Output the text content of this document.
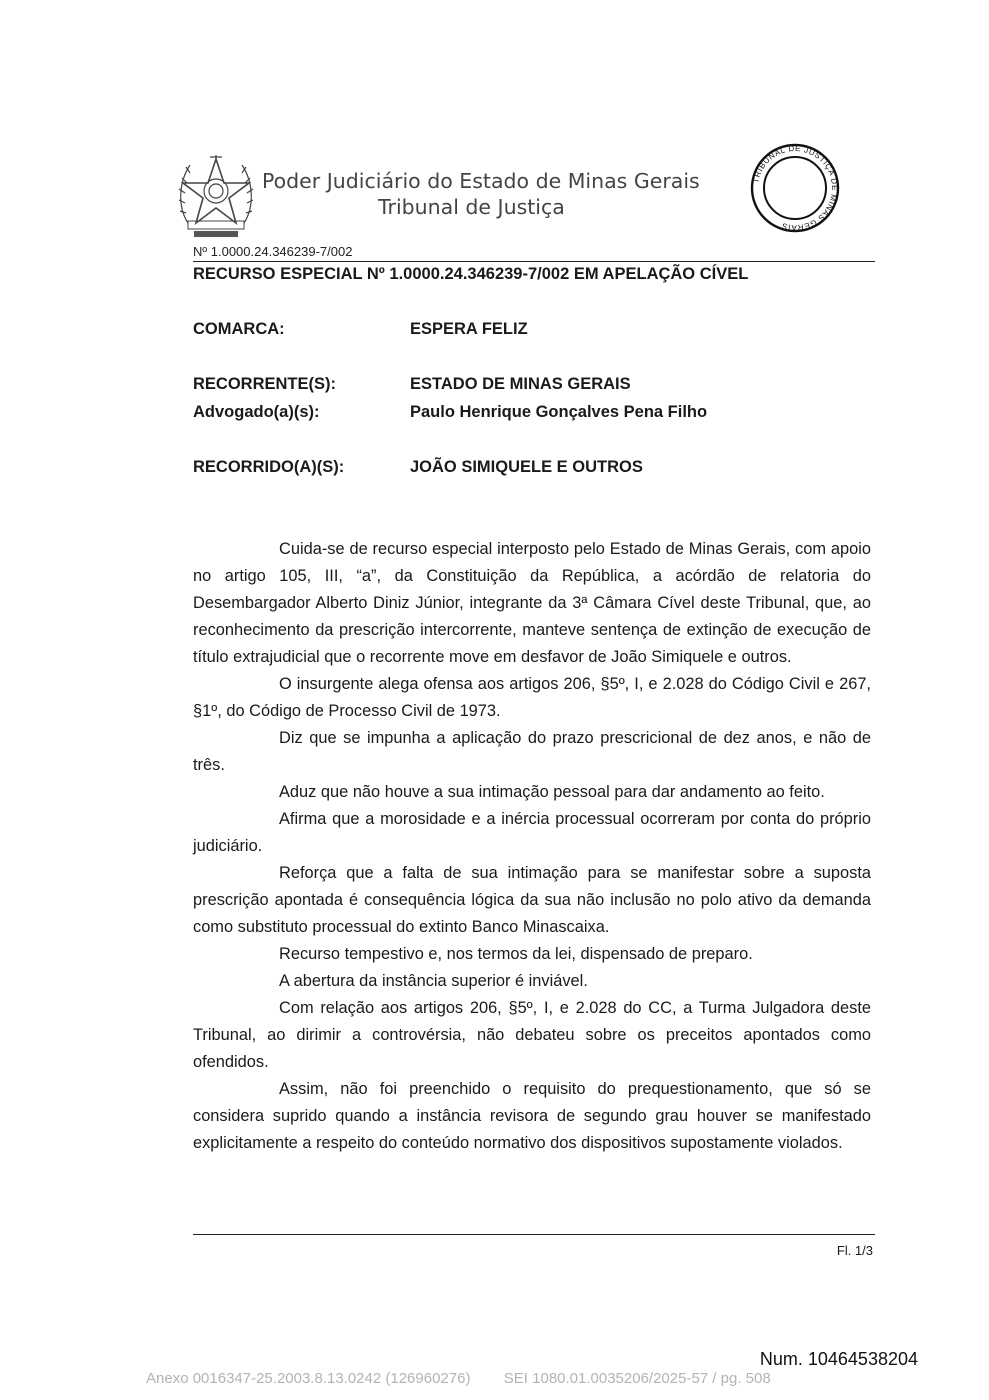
Poder Judiciário do Estado de Minas Gerais
Tribunal de Justiça
TRIBUNAL DE JUSTIÇA DE MINAS GERAIS
Nº 1.0000.24.346239-7/002
RECURSO ESPECIAL Nº 1.0000.24.346239-7/002 EM APELAÇÃO CÍVEL
COMARCA:	ESPERA FELIZ
RECORRENTE(S):	ESTADO DE MINAS GERAIS
Advogado(a)(s):	Paulo Henrique Gonçalves Pena Filho
RECORRIDO(A)(S):	JOÃO SIMIQUELE E OUTROS

Cuida-se de recurso especial interposto pelo Estado de Minas Gerais, com apoio no artigo 105, III, “a”, da Constituição da República, a acórdão de relatoria do Desembargador Alberto Diniz Júnior, integrante da 3ª Câmara Cível deste Tribunal, que, ao reconhecimento da prescrição intercorrente, manteve sentença de extinção de execução de título extrajudicial que o recorrente move em desfavor de João Simiquele e outros.

O insurgente alega ofensa aos artigos 206, §5º, I, e 2.028 do Código Civil e 267, §1º, do Código de Processo Civil de 1973.

Diz que se impunha a aplicação do prazo prescricional de dez anos, e não de três.

Aduz que não houve a sua intimação pessoal para dar andamento ao feito.

Afirma que a morosidade e a inércia processual ocorreram por conta do próprio judiciário.

Reforça que a falta de sua intimação para se manifestar sobre a suposta prescrição apontada é consequência lógica da sua não inclusão no polo ativo da demanda como substituto processual do extinto Banco Minascaixa.

Recurso tempestivo e, nos termos da lei, dispensado de preparo.

A abertura da instância superior é inviável.

Com relação aos artigos 206, §5º, I, e 2.028 do CC, a Turma Julgadora deste Tribunal, ao dirimir a controvérsia, não debateu sobre os preceitos apontados como ofendidos.

Assim, não foi preenchido o requisito do prequestionamento, que só se considera suprido quando a instância revisora de segundo grau houver se manifestado explicitamente a respeito do conteúdo normativo dos dispositivos supostamente violados.

Fl. 1/3
Num. 10464538204
Anexo 0016347-25.2003.8.13.0242 (126960276) SEI 1080.01.0035206/2025-57 / pg. 508
